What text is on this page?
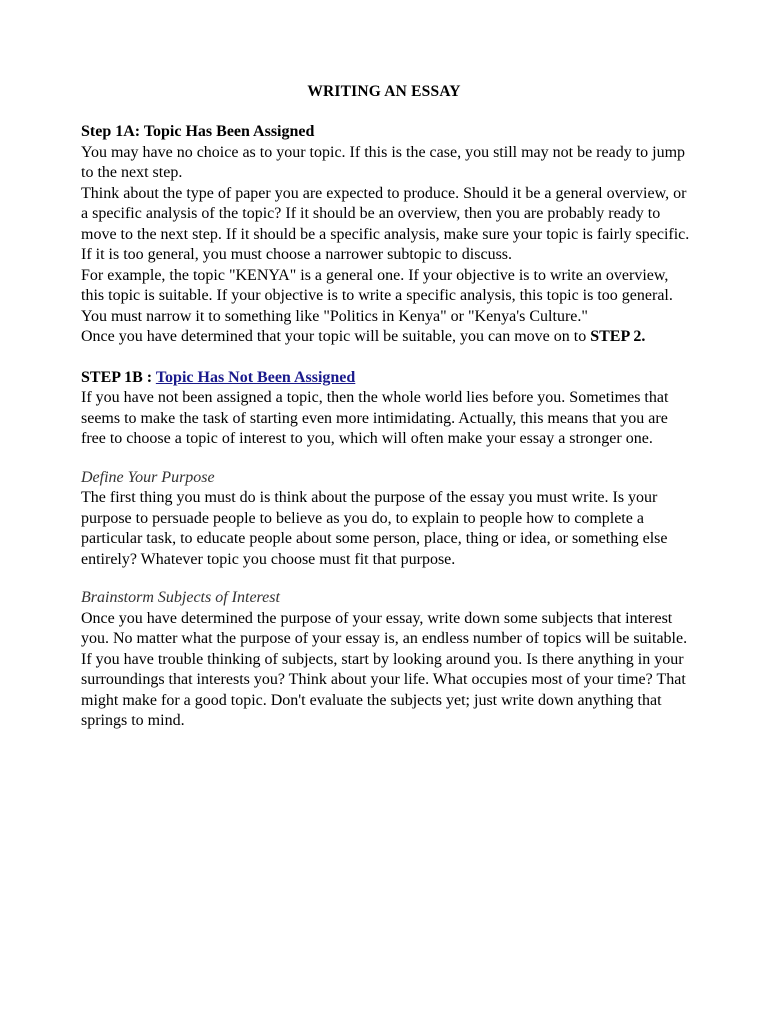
WRITING AN ESSAY

Step 1A: Topic Has Been Assigned

You may have no choice as to your topic. If this is the case, you still may not be ready to jump to the next step.

Think about the type of paper you are expected to produce. Should it be a general overview, or a specific analysis of the topic? If it should be an overview, then you are probably ready to move to the next step. If it should be a specific analysis, make sure your topic is fairly specific. If it is too general, you must choose a narrower subtopic to discuss.

For example, the topic "KENYA" is a general one. If your objective is to write an overview, this topic is suitable. If your objective is to write a specific analysis, this topic is too general. You must narrow it to something like "Politics in Kenya" or "Kenya's Culture."

Once you have determined that your topic will be suitable, you can move on to STEP 2.

STEP 1B : Topic Has Not Been Assigned

If you have not been assigned a topic, then the whole world lies before you. Sometimes that seems to make the task of starting even more intimidating. Actually, this means that you are free to choose a topic of interest to you, which will often make your essay a stronger one.

Define Your Purpose

The first thing you must do is think about the purpose of the essay you must write. Is your purpose to persuade people to believe as you do, to explain to people how to complete a particular task, to educate people about some person, place, thing or idea, or something else entirely? Whatever topic you choose must fit that purpose.

Brainstorm Subjects of Interest

Once you have determined the purpose of your essay, write down some subjects that interest you. No matter what the purpose of your essay is, an endless number of topics will be suitable.

If you have trouble thinking of subjects, start by looking around you. Is there anything in your surroundings that interests you? Think about your life. What occupies most of your time? That might make for a good topic. Don't evaluate the subjects yet; just write down anything that springs to mind.
